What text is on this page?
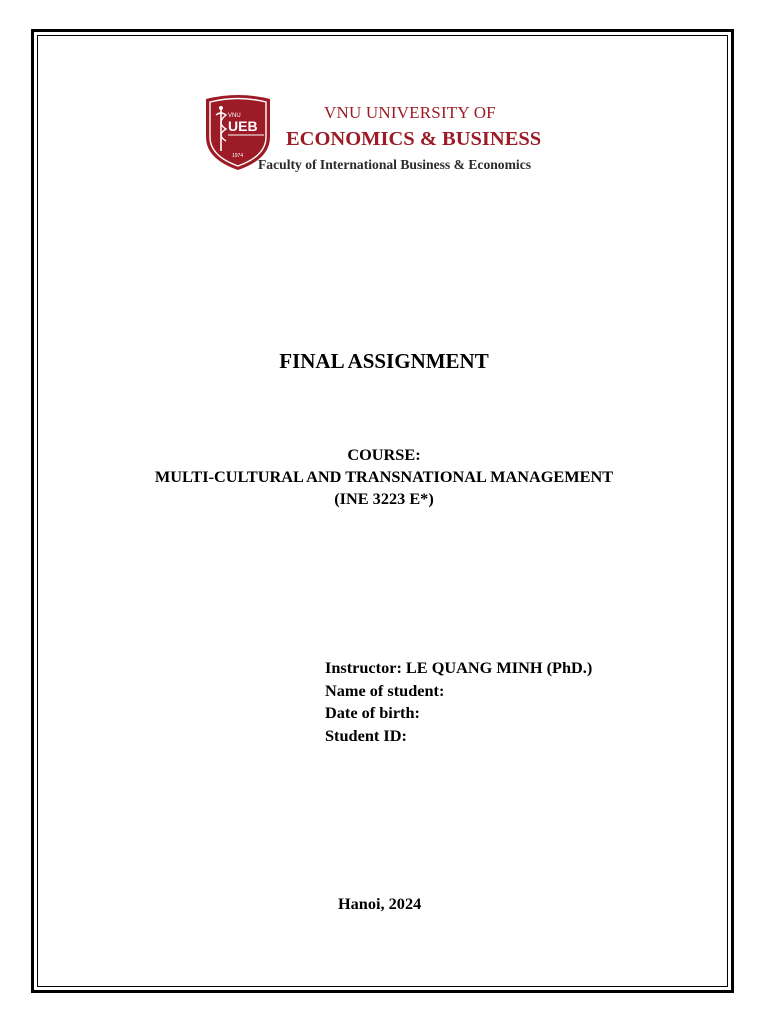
VNU
UEB
1974
VNU UNIVERSITY OF
ECONOMICS & BUSINESS
Faculty of International Business & Economics
FINAL ASSIGNMENT
COURSE:
MULTI-CULTURAL AND TRANSNATIONAL MANAGEMENT
(INE 3223 E*)
Instructor: LE QUANG MINH (PhD.)
Name of student:
Date of birth:
Student ID:
Hanoi, 2024
